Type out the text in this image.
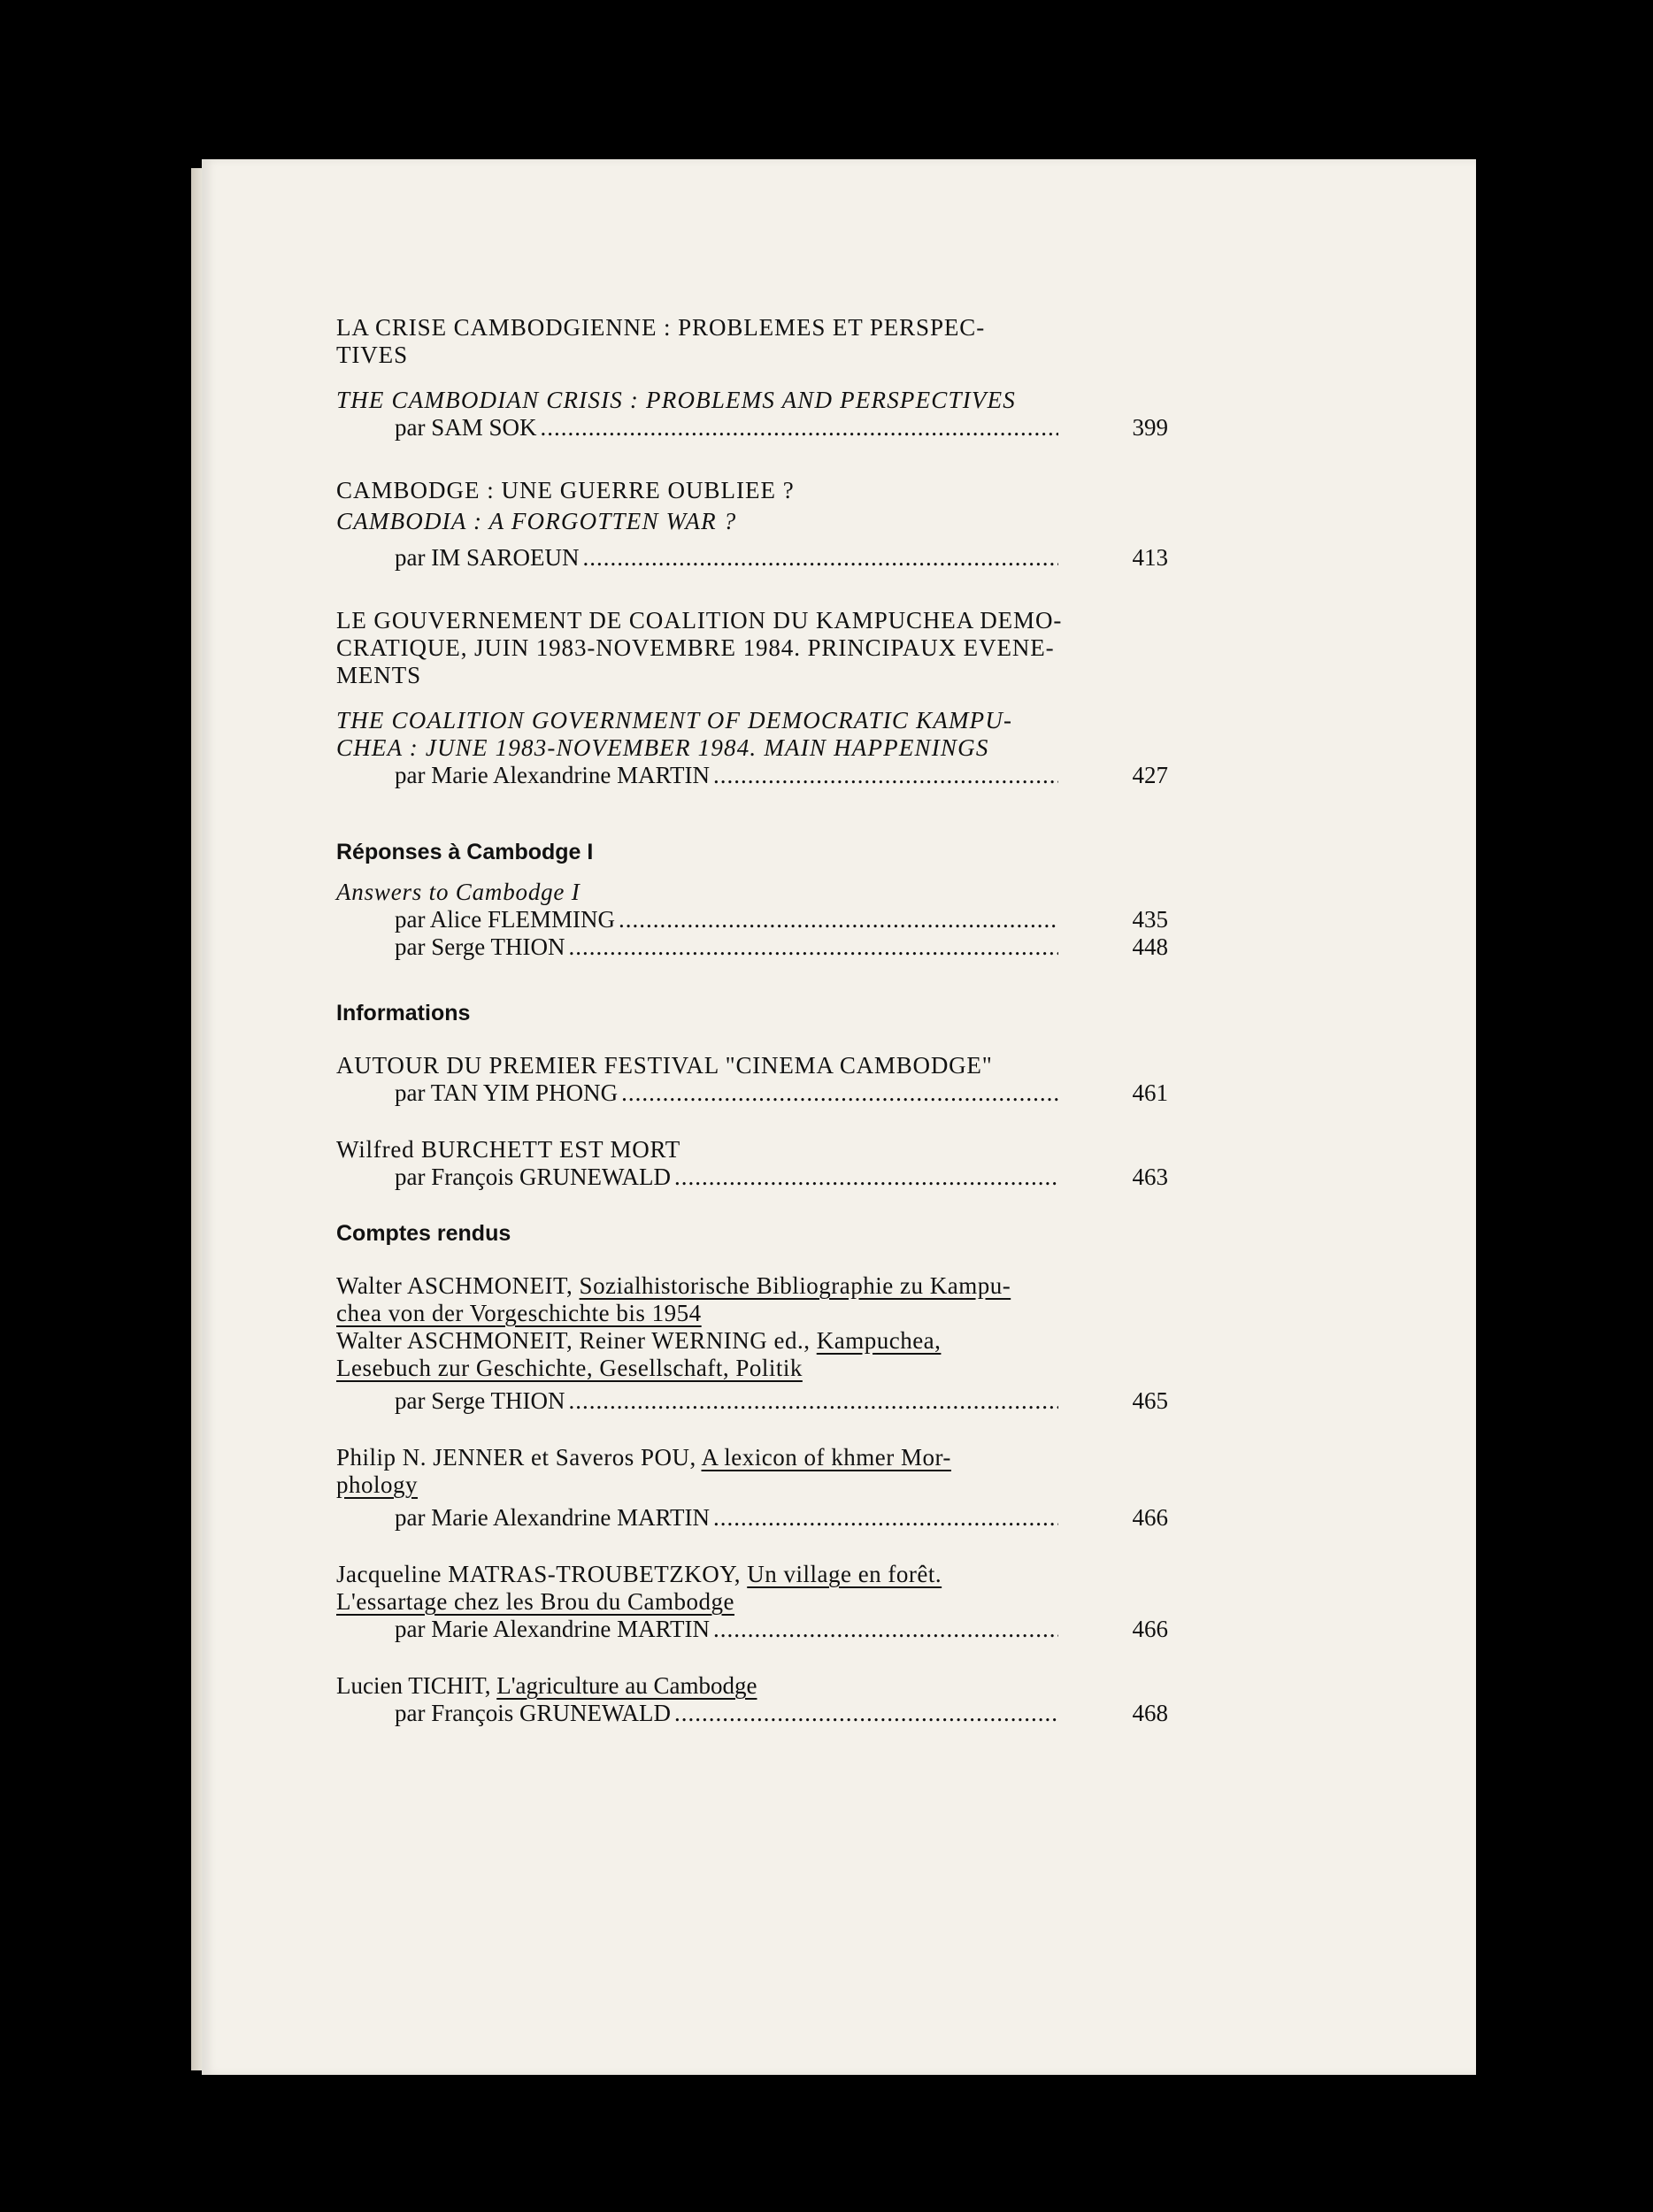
LA CRISE CAMBODGIENNE : PROBLEMES ET PERSPEC-
TIVES
THE CAMBODIAN CRISIS : PROBLEMS AND PERSPECTIVES
par SAM SOK .....	399
CAMBODGE : UNE GUERRE OUBLIEE ?
CAMBODIA : A FORGOTTEN WAR ?
par IM SAROEUN .....	413
LE GOUVERNEMENT DE COALITION DU KAMPUCHEA DEMO-
CRATIQUE, JUIN 1983-NOVEMBRE 1984. PRINCIPAUX EVENE-
MENTS
THE COALITION GOVERNMENT OF DEMOCRATIC KAMPU-
CHEA : JUNE 1983-NOVEMBER 1984. MAIN HAPPENINGS
par Marie Alexandrine MARTIN .....	427
Réponses à Cambodge I
Answers to Cambodge I
par Alice FLEMMING .....	435
par Serge THION .....	448
Informations
AUTOUR DU PREMIER FESTIVAL "CINEMA CAMBODGE"
par TAN YIM PHONG .....	461
Wilfred BURCHETT EST MORT
par François GRUNEWALD .....	463
Comptes rendus
Walter ASCHMONEIT, Sozialhistorische Bibliographie zu Kampu-
chea von der Vorgeschichte bis 1954
Walter ASCHMONEIT, Reiner WERNING ed., Kampuchea,
Lesebuch zur Geschichte, Gesellschaft, Politik
par Serge THION .....	465
Philip N. JENNER et Saveros POU, A lexicon of khmer Mor-
phology
par Marie Alexandrine MARTIN .....	466
Jacqueline MATRAS-TROUBETZKOY, Un village en forêt.
L'essartage chez les Brou du Cambodge
par Marie Alexandrine MARTIN .....	466
Lucien TICHIT, L'agriculture au Cambodge
par François GRUNEWALD .....	468
